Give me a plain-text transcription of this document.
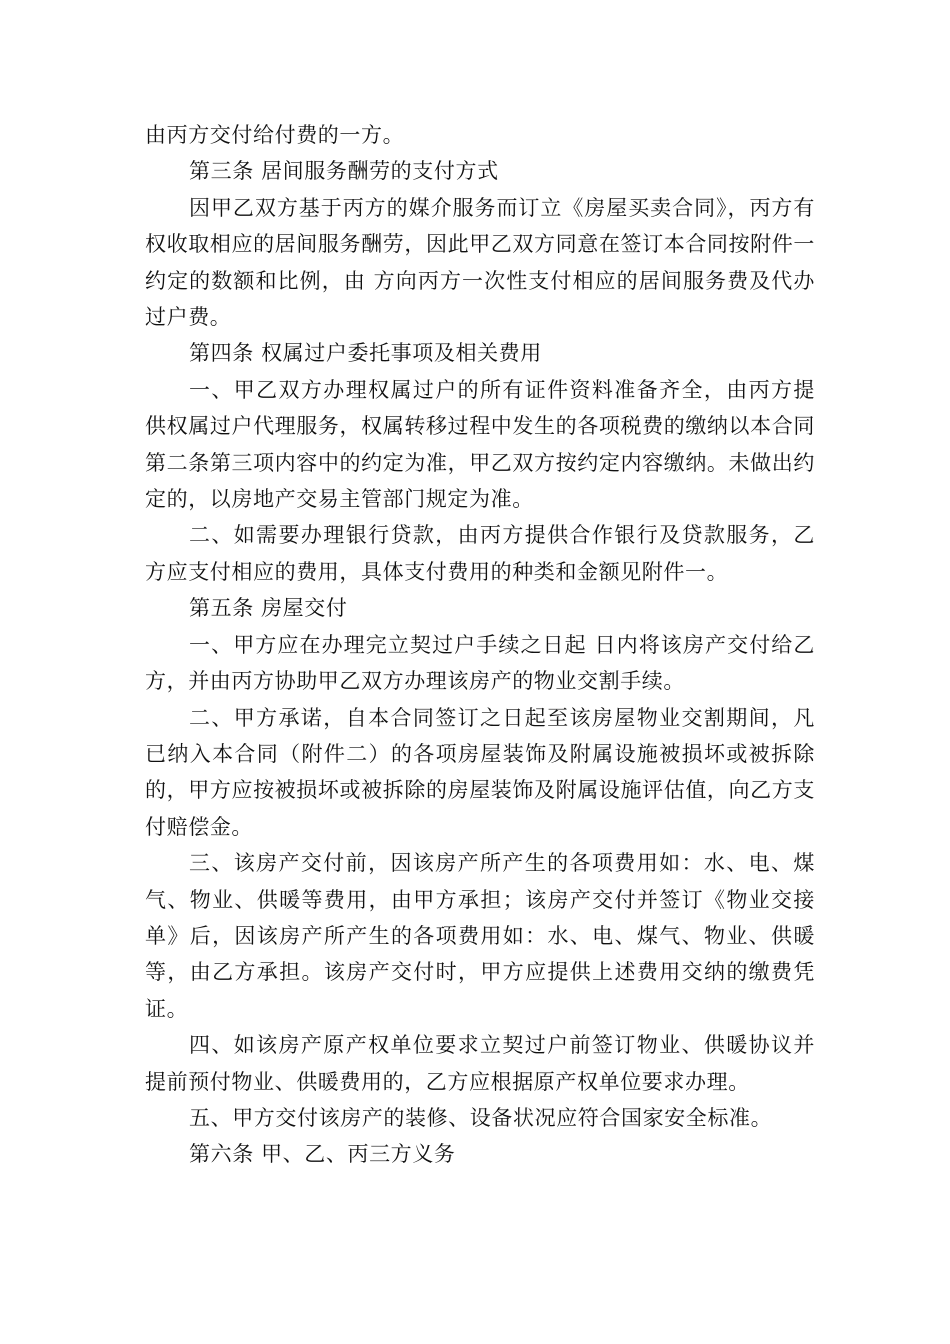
由丙方交付给付费的一方。

第三条 居间服务酬劳的支付方式

因甲乙双方基于丙方的媒介服务而订立《房屋买卖合同》，丙方有权收取相应的居间服务酬劳，因此甲乙双方同意在签订本合同按附件一约定的数额和比例，由 方向丙方一次性支付相应的居间服务费及代办过户费。

第四条 权属过户委托事项及相关费用

一、甲乙双方办理权属过户的所有证件资料准备齐全，由丙方提供权属过户代理服务，权属转移过程中发生的各项税费的缴纳以本合同第二条第三项内容中的约定为准，甲乙双方按约定内容缴纳。未做出约定的，以房地产交易主管部门规定为准。

二、如需要办理银行贷款，由丙方提供合作银行及贷款服务，乙方应支付相应的费用，具体支付费用的种类和金额见附件一。

第五条 房屋交付

一、甲方应在办理完立契过户手续之日起 日内将该房产交付给乙方，并由丙方协助甲乙双方办理该房产的物业交割手续。

二、甲方承诺，自本合同签订之日起至该房屋物业交割期间，凡已纳入本合同（附件二）的各项房屋装饰及附属设施被损坏或被拆除的，甲方应按被损坏或被拆除的房屋装饰及附属设施评估值，向乙方支付赔偿金。

三、该房产交付前，因该房产所产生的各项费用如：水、电、煤气、物业、供暖等费用，由甲方承担；该房产交付并签订《物业交接单》后，因该房产所产生的各项费用如：水、电、煤气、物业、供暖等，由乙方承担。该房产交付时，甲方应提供上述费用交纳的缴费凭证。

四、如该房产原产权单位要求立契过户前签订物业、供暖协议并提前预付物业、供暖费用的，乙方应根据原产权单位要求办理。

五、甲方交付该房产的装修、设备状况应符合国家安全标准。

第六条 甲、乙、丙三方义务
